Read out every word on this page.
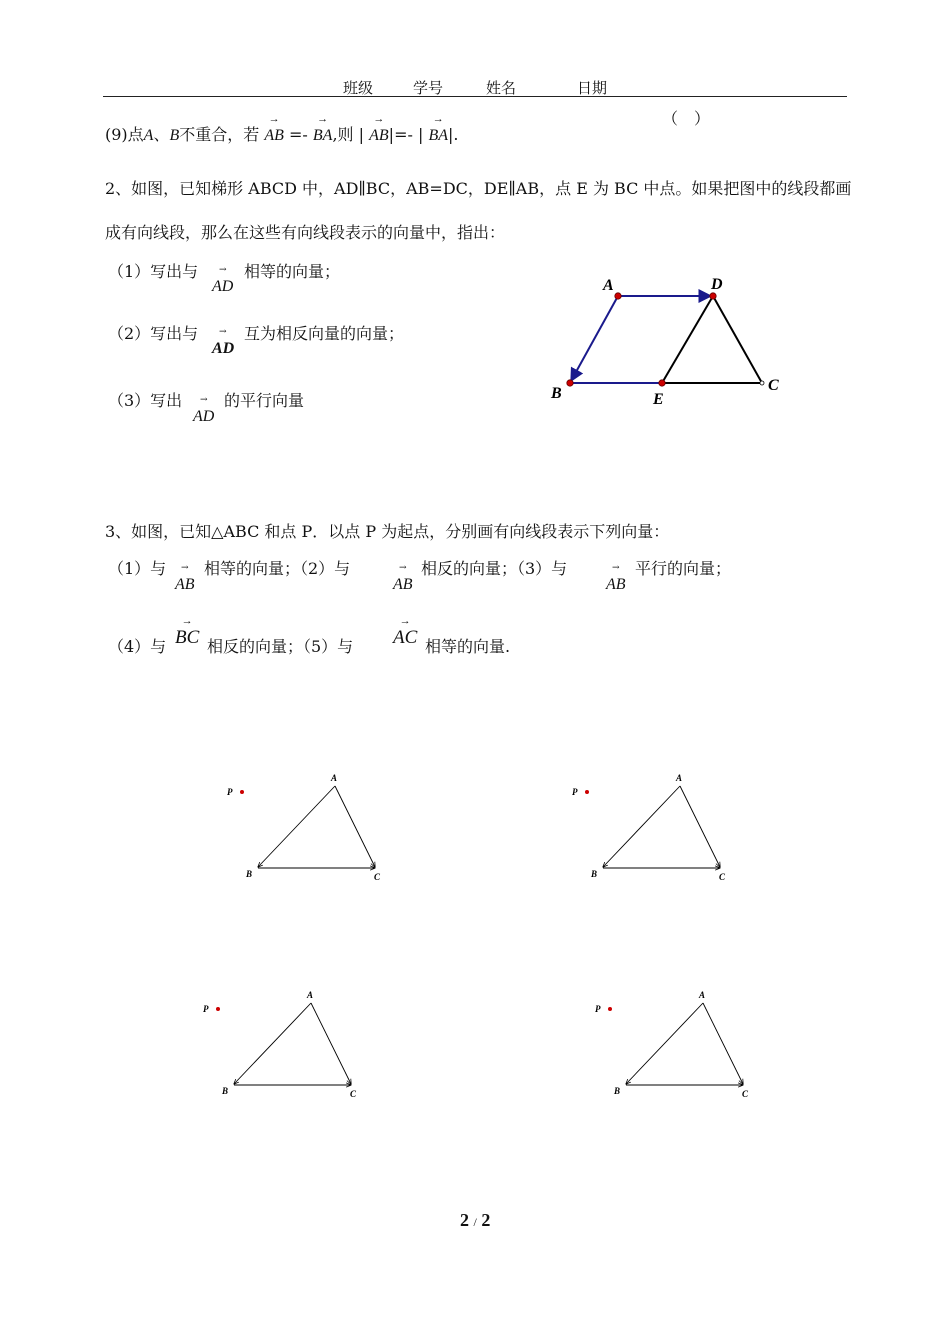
班级	学号	姓名	日期
(9)点A、B不重合，若
→
AB =-
→
BA,则 |
→
AB|=- |
→
BA|.
（　）
2、如图，已知梯形 ABCD 中，AD∥BC，AB=DC，DE∥AB，点 E 为 BC 中点。如果把图中的线段都画
成有向线段，那么在这些有向线段表示的向量中，指出：
（1）写出与 →
AD
相等的向量；
（2）写出与 →
AD
互为相反向量的向量；
（3）写出 →
AD
的平行向量
A	D
B	E
C
3、如图，已知△ABC 和点 P．以点 P 为起点，分别画有向线段表示下列向量：
（1）与 →
AB
相等的向量；（2）与	→
AB
相反的向量；（3）与	→
AB
平行的向量；
（4）与
→
BC 相反的向量；（5）与
→
AC 相等的向量.
P
A
B	C
P
A
B	C
P
A
B	C
P
A
B	C
2 / 2
